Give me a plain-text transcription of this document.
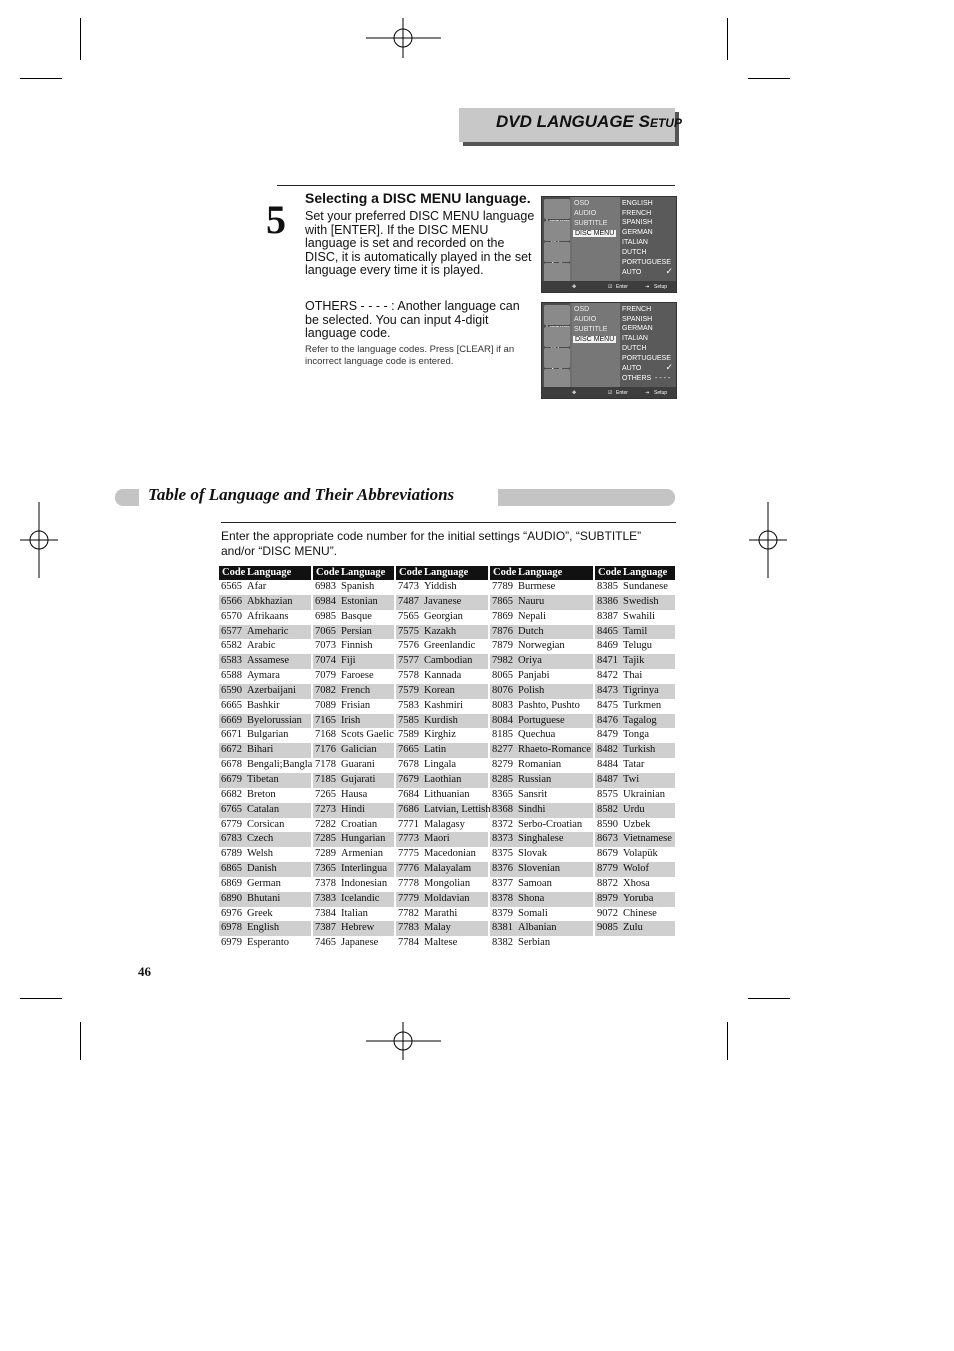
DVD LANGUAGE SETUP
5 Selecting a DISC MENU language.
Set your preferred DISC MENU language with [ENTER]. If the DISC MENU language is set and recorded on the DISC, it is automatically played in the set language every time it is played.
OTHERS - - - - : Another language can be selected. You can input 4-digit language code.
Refer to the language codes. Press [CLEAR] if an incorrect language code is entered.
OSD
AUDIO
SUBTITLE
DISC MENU
ENGLISH
FRENCH
SPANISH
GERMAN
ITALIAN
DUTCH
PORTUGUESE
AUTO	✓
✥	☑ Enter	⇥ Setup
OSD
AUDIO
SUBTITLE
DISC MENU
FRENCH
SPANISH
GERMAN
ITALIAN
DUTCH
PORTUGUESE
AUTO	✓
OTHERS  - - - -
✥	☑ Enter	⇥ Setup
Table of Language and Their Abbreviations
Enter the appropriate code number for the initial settings “AUDIO”, “SUBTITLE” and/or “DISC MENU”.
Code Language
6565 Afar
6566 Abkhazian
6570 Afrikaans
6577 Ameharic
6582 Arabic
6583 Assamese
6588 Aymara
6590 Azerbaijani
6665 Bashkir
6669 Byelorussian
6671 Bulgarian
6672 Bihari
6678 Bengali;Bangla
6679 Tibetan
6682 Breton
6765 Catalan
6779 Corsican
6783 Czech
6789 Welsh
6865 Danish
6869 German
6890 Bhutani
6976 Greek
6978 English
6979 Esperanto
Code Language
6983 Spanish
6984 Estonian
6985 Basque
7065 Persian
7073 Finnish
7074 Fiji
7079 Faroese
7082 French
7089 Frisian
7165 Irish
7168 Scots Gaelic
7176 Galician
7178 Guarani
7185 Gujarati
7265 Hausa
7273 Hindi
7282 Croatian
7285 Hungarian
7289 Armenian
7365 Interlingua
7378 Indonesian
7383 Icelandic
7384 Italian
7387 Hebrew
7465 Japanese
Code Language
7473 Yiddish
7487 Javanese
7565 Georgian
7575 Kazakh
7576 Greenlandic
7577 Cambodian
7578 Kannada
7579 Korean
7583 Kashmiri
7585 Kurdish
7589 Kirghiz
7665 Latin
7678 Lingala
7679 Laothian
7684 Lithuanian
7686 Latvian, Lettish
7771 Malagasy
7773 Maori
7775 Macedonian
7776 Malayalam
7778 Mongolian
7779 Moldavian
7782 Marathi
7783 Malay
7784 Maltese
Code Language
7789 Burmese
7865 Nauru
7869 Nepali
7876 Dutch
7879 Norwegian
7982 Oriya
8065 Panjabi
8076 Polish
8083 Pashto, Pushto
8084 Portuguese
8185 Quechua
8277 Rhaeto-Romance
8279 Romanian
8285 Russian
8365 Sansrit
8368 Sindhi
8372 Serbo-Croatian
8373 Singhalese
8375 Slovak
8376 Slovenian
8377 Samoan
8378 Shona
8379 Somali
8381 Albanian
8382 Serbian
Code Language
8385 Sundanese
8386 Swedish
8387 Swahili
8465 Tamil
8469 Telugu
8471 Tajik
8472 Thai
8473 Tigrinya
8475 Turkmen
8476 Tagalog
8479 Tonga
8482 Turkish
8484 Tatar
8487 Twi
8575 Ukrainian
8582 Urdu
8590 Uzbek
8673 Vietnamese
8679 Volapük
8779 Wolof
8872 Xhosa
8979 Yoruba
9072 Chinese
9085 Zulu
46
